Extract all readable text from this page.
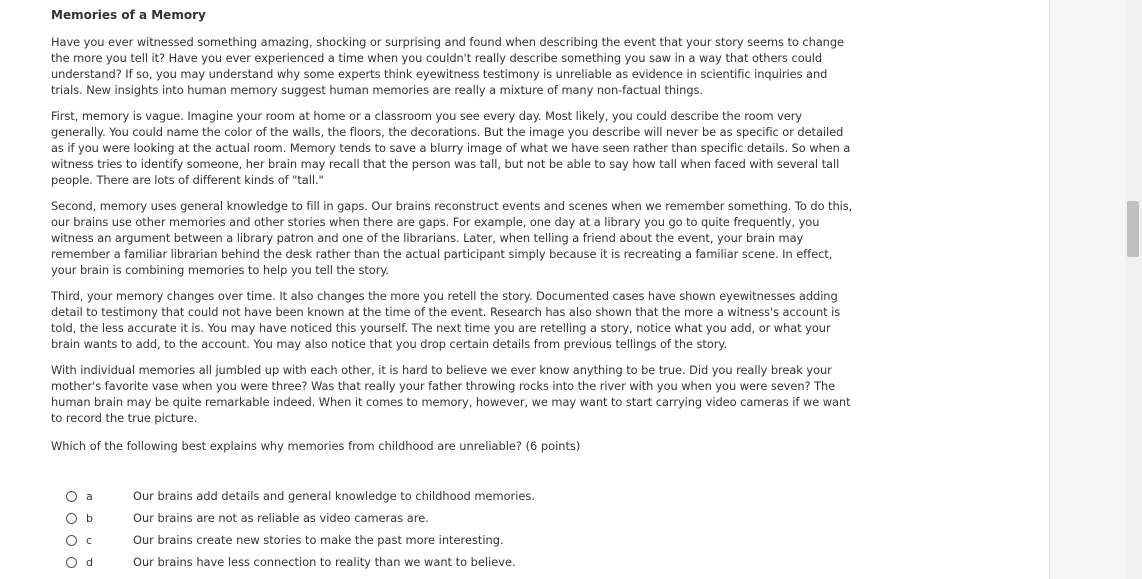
Memories of a Memory

Have you ever witnessed something amazing, shocking or surprising and found when describing the event that your story seems to change the more you tell it? Have you ever experienced a time when you couldn't really describe something you saw in a way that others could understand? If so, you may understand why some experts think eyewitness testimony is unreliable as evidence in scientific inquiries and trials. New insights into human memory suggest human memories are really a mixture of many non-factual things.

First, memory is vague. Imagine your room at home or a classroom you see every day. Most likely, you could describe the room very generally. You could name the color of the walls, the floors, the decorations. But the image you describe will never be as specific or detailed as if you were looking at the actual room. Memory tends to save a blurry image of what we have seen rather than specific details. So when a witness tries to identify someone, her brain may recall that the person was tall, but not be able to say how tall when faced with several tall people. There are lots of different kinds of "tall."

Second, memory uses general knowledge to fill in gaps. Our brains reconstruct events and scenes when we remember something. To do this, our brains use other memories and other stories when there are gaps. For example, one day at a library you go to quite frequently, you witness an argument between a library patron and one of the librarians. Later, when telling a friend about the event, your brain may remember a familiar librarian behind the desk rather than the actual participant simply because it is recreating a familiar scene. In effect, your brain is combining memories to help you tell the story.

Third, your memory changes over time. It also changes the more you retell the story. Documented cases have shown eyewitnesses adding detail to testimony that could not have been known at the time of the event. Research has also shown that the more a witness's account is told, the less accurate it is. You may have noticed this yourself. The next time you are retelling a story, notice what you add, or what your brain wants to add, to the account. You may also notice that you drop certain details from previous tellings of the story.

With individual memories all jumbled up with each other, it is hard to believe we ever know anything to be true. Did you really break your mother's favorite vase when you were three? Was that really your father throwing rocks into the river with you when you were seven? The human brain may be quite remarkable indeed. When it comes to memory, however, we may want to start carrying video cameras if we want to record the true picture.

Which of the following best explains why memories from childhood are unreliable? (6 points)
a	Our brains add details and general knowledge to childhood memories.
b	Our brains are not as reliable as video cameras are.
c	Our brains create new stories to make the past more interesting.
d	Our brains have less connection to reality than we want to believe.
